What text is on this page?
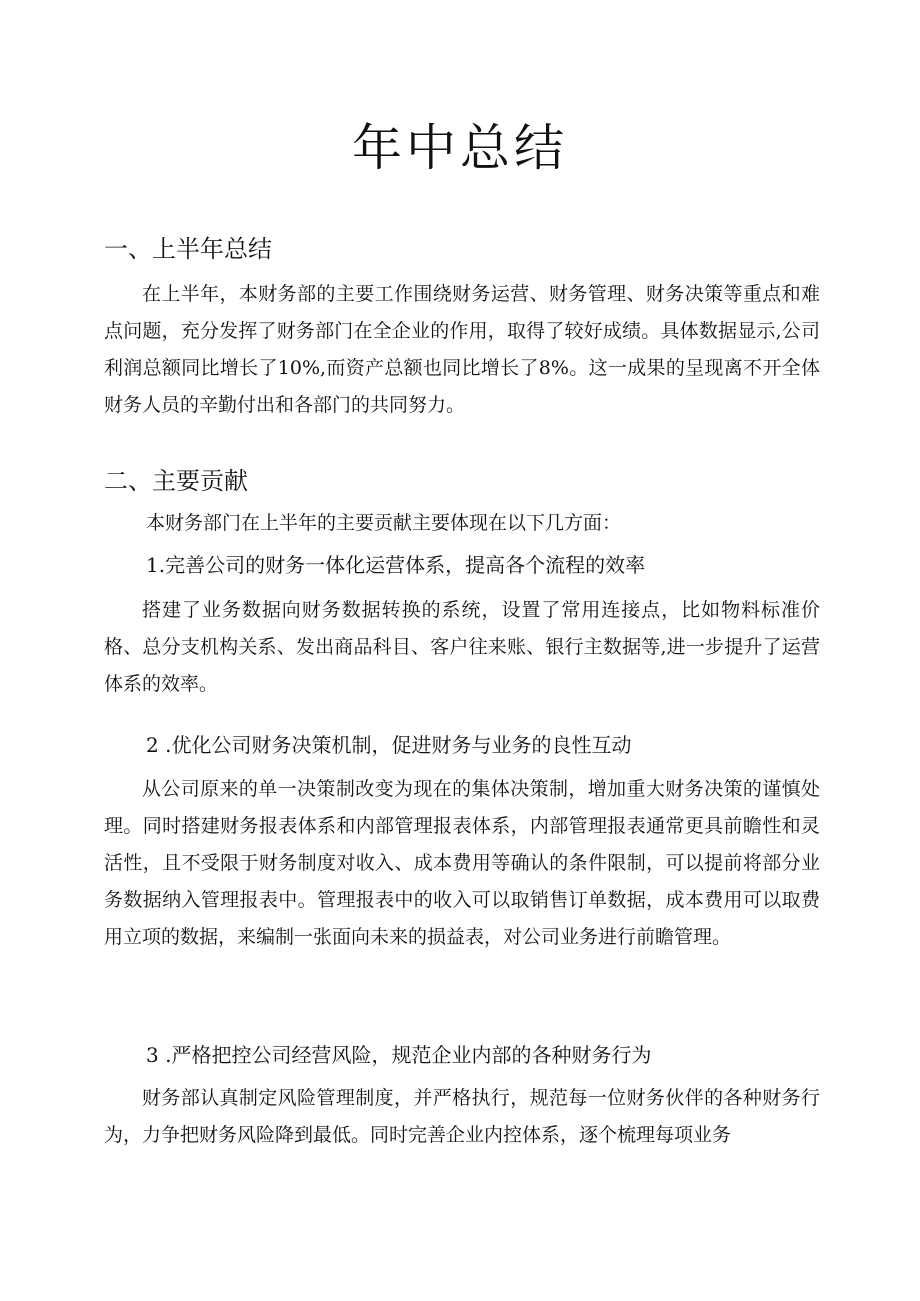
年中总结
一、上半年总结

在上半年，本财务部的主要工作围绕财务运营、财务管理、财务决策等重点和难点问题，充分发挥了财务部门在全企业的作用，取得了较好成绩。具体数据显示,公司利润总额同比增长了10%,而资产总额也同比增长了8%。这一成果的呈现离不开全体财务人员的辛勤付出和各部门的共同努力。

二、主要贡献

本财务部门在上半年的主要贡献主要体现在以下几方面：

1.完善公司的财务一体化运营体系，提高各个流程的效率

搭建了业务数据向财务数据转换的系统，设置了常用连接点，比如物料标准价格、总分支机构关系、发出商品科目、客户往来账、银行主数据等,进一步提升了运营体系的效率。

2 .优化公司财务决策机制，促进财务与业务的良性互动

从公司原来的单一决策制改变为现在的集体决策制，增加重大财务决策的谨慎处理。同时搭建财务报表体系和内部管理报表体系，内部管理报表通常更具前瞻性和灵活性，且不受限于财务制度对收入、成本费用等确认的条件限制，可以提前将部分业务数据纳入管理报表中。管理报表中的收入可以取销售订单数据，成本费用可以取费用立项的数据，来编制一张面向未来的损益表，对公司业务进行前瞻管理。

3 .严格把控公司经营风险，规范企业内部的各种财务行为

财务部认真制定风险管理制度，并严格执行，规范每一位财务伙伴的各种财务行为，力争把财务风险降到最低。同时完善企业内控体系，逐个梳理每项业务
